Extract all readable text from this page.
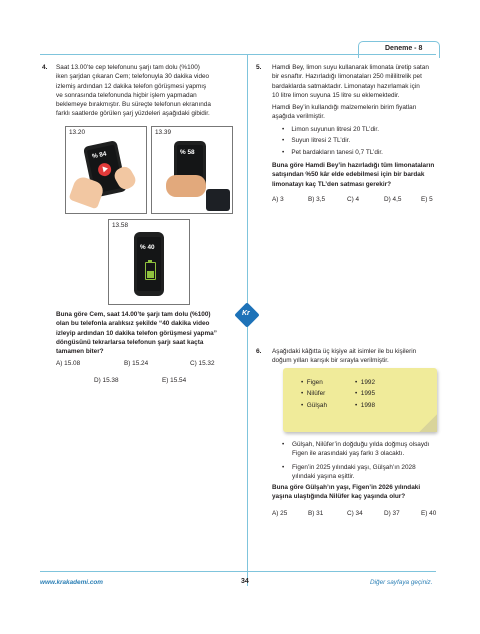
Deneme - 8
4. Saat 13.00’te cep telefonunu şarjı tam dolu (%100)
iken şarjdan çıkaran Cem; telefonuyla 30 dakika video
izlemiş ardından 12 dakika telefon görüşmesi yapmış
ve sonrasında telefonunda hiçbir işlem yapmadan
beklemeye bırakmıştır. Bu süreçte telefonun ekranında
farklı saatlerde görülen şarj yüzdeleri aşağıdaki gibidir.
13.20
% 84
13.39
% 58
13.58
% 40
Buna göre Cem, saat 14.00’te şarjı tam dolu (%100)
olan bu telefonla aralıksız şekilde “40 dakika video
izleyip ardından 10 dakika telefon görüşmesi yapma”
döngüsünü tekrarlarsa telefonun şarjı saat kaçta
tamamen biter?
A) 15.08	B) 15.24	C) 15.32
D) 15.38	E) 15.54
Kr
5. Hamdi Bey, limon suyu kullanarak limonata üretip satan
bir esnaftır. Hazırladığı limonataları 250 mililitrelik pet
bardaklarda satmaktadır. Limonatayı hazırlamak için
10 litre limon suyuna 15 litre su eklemektedir.
Hamdi Bey’in kullandığı malzemelerin birim fiyatları
aşağıda verilmiştir.
•    Limon suyunun litresi 20 TL’dir.
•    Suyun litresi 2 TL’dir.
•    Pet bardakların tanesi 0,7 TL’dir.
Buna göre Hamdi Bey’in hazırladığı tüm limonataların
satışından %50 kâr elde edebilmesi için bir bardak
limonatayı kaç TL’den satması gerekir?
A) 3	B) 3,5	C) 4	D) 4,5	E) 5
6. Aşağıdaki kâğıtta üç kişiye ait isimler ile bu kişilerin
doğum yılları karışık bir sırayla verilmiştir.
•  Figen
•  Nilüfer
•  Gülşah
•  1992
•  1995
•  1998
•	Gülşah, Nilüfer’in doğduğu yılda doğmuş olsaydı
Figen ile arasındaki yaş farkı 3 olacaktı.
•	Figen’in 2025 yılındaki yaşı, Gülşah’ın 2028
yılındaki yaşına eşittir.
Buna göre Gülşah’ın yaşı, Figen’in 2026 yılındaki
yaşına ulaştığında Nilüfer kaç yaşında olur?
A) 25	B) 31	C) 34	D) 37	E) 40
www.krakademi.com	34	Diğer sayfaya geçiniz.
